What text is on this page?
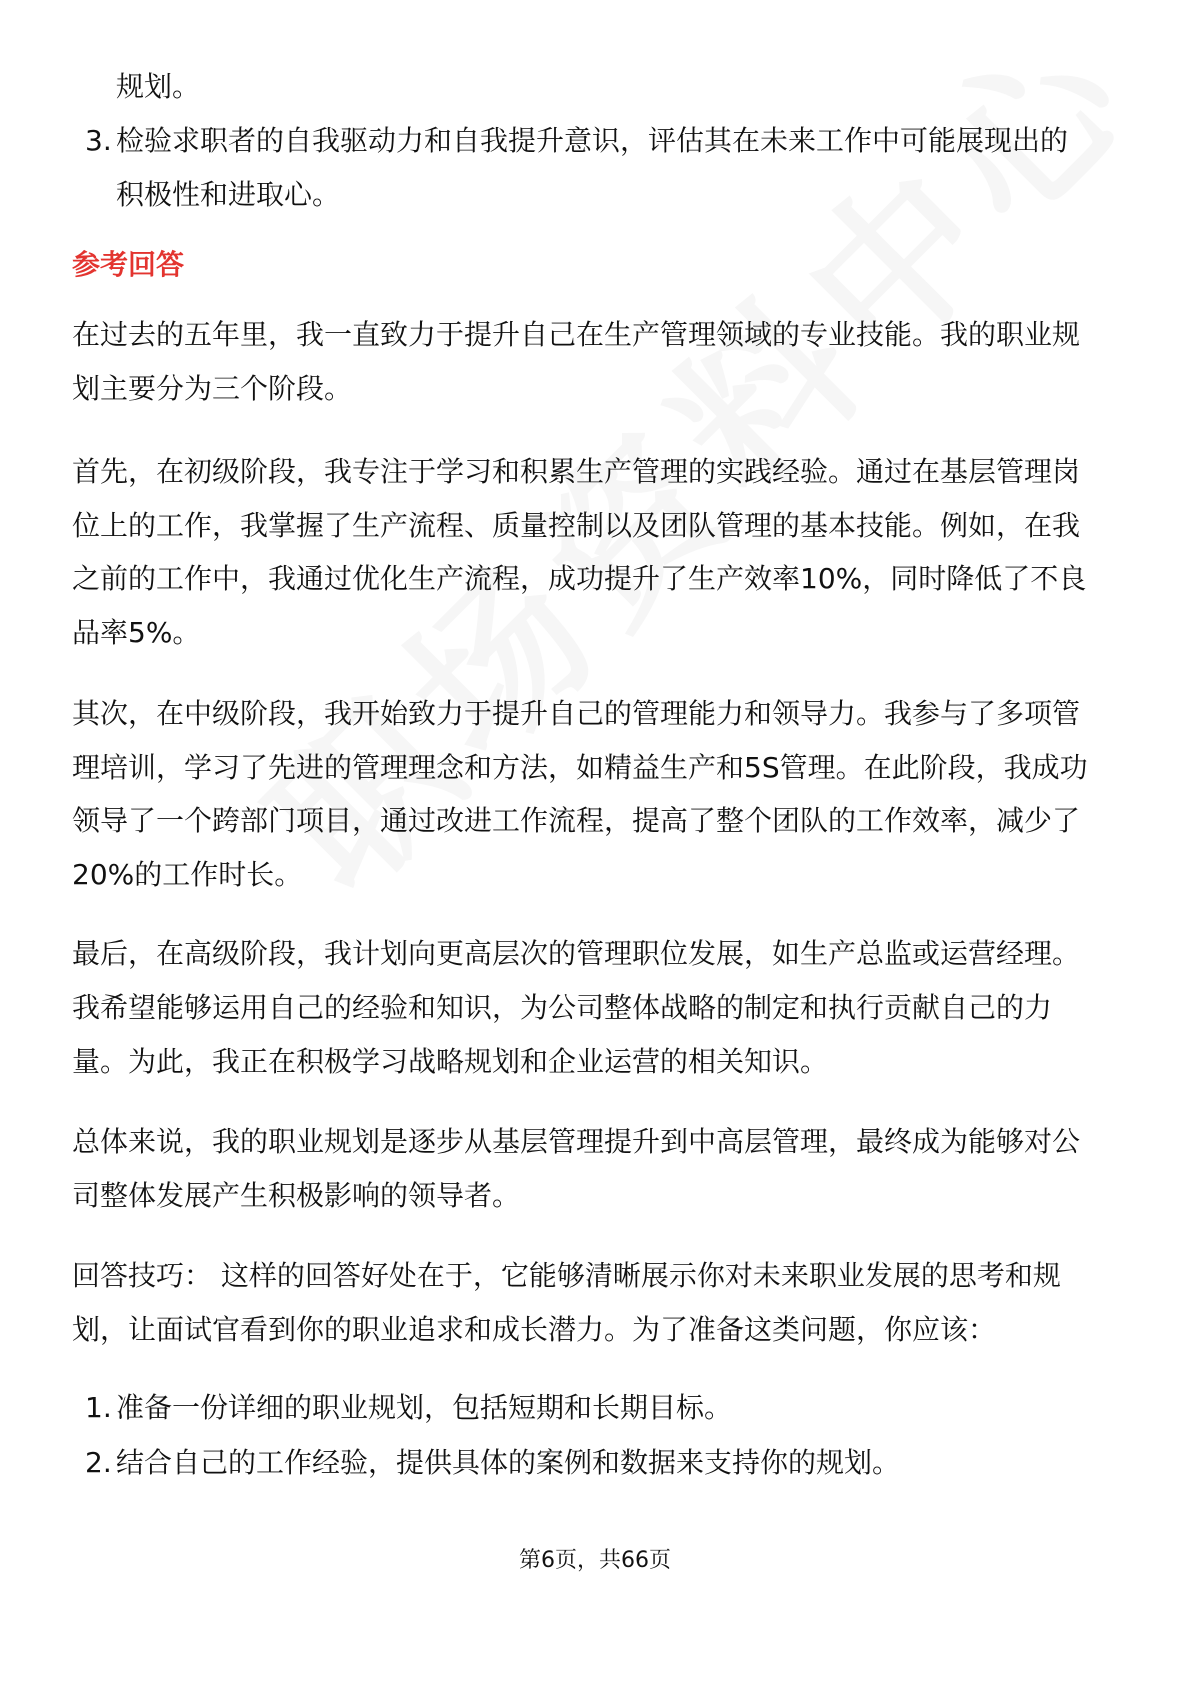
规划。
3. 检验求职者的自我驱动力和自我提升意识，评估其在未来工作中可能展现出的
积极性和进取心。
参考回答
在过去的五年里，我一直致力于提升自己在生产管理领域的专业技能。我的职业规
划主要分为三个阶段。
首先，在初级阶段，我专注于学习和积累生产管理的实践经验。通过在基层管理岗
位上的工作，我掌握了生产流程、质量控制以及团队管理的基本技能。例如，在我
之前的工作中，我通过优化生产流程，成功提升了生产效率10%，同时降低了不良
品率5%。
其次，在中级阶段，我开始致力于提升自己的管理能力和领导力。我参与了多项管
理培训，学习了先进的管理理念和方法，如精益生产和5S管理。在此阶段，我成功
领导了一个跨部门项目，通过改进工作流程，提高了整个团队的工作效率，减少了
20%的工作时长。
最后，在高级阶段，我计划向更高层次的管理职位发展，如生产总监或运营经理。
我希望能够运用自己的经验和知识，为公司整体战略的制定和执行贡献自己的力
量。为此，我正在积极学习战略规划和企业运营的相关知识。
总体来说，我的职业规划是逐步从基层管理提升到中高层管理，最终成为能够对公
司整体发展产生积极影响的领导者。
回答技巧： 这样的回答好处在于，它能够清晰展示你对未来职业发展的思考和规
划，让面试官看到你的职业追求和成长潜力。为了准备这类问题，你应该：
1. 准备一份详细的职业规划，包括短期和长期目标。
2. 结合自己的工作经验，提供具体的案例和数据来支持你的规划。
第6页，共66页
